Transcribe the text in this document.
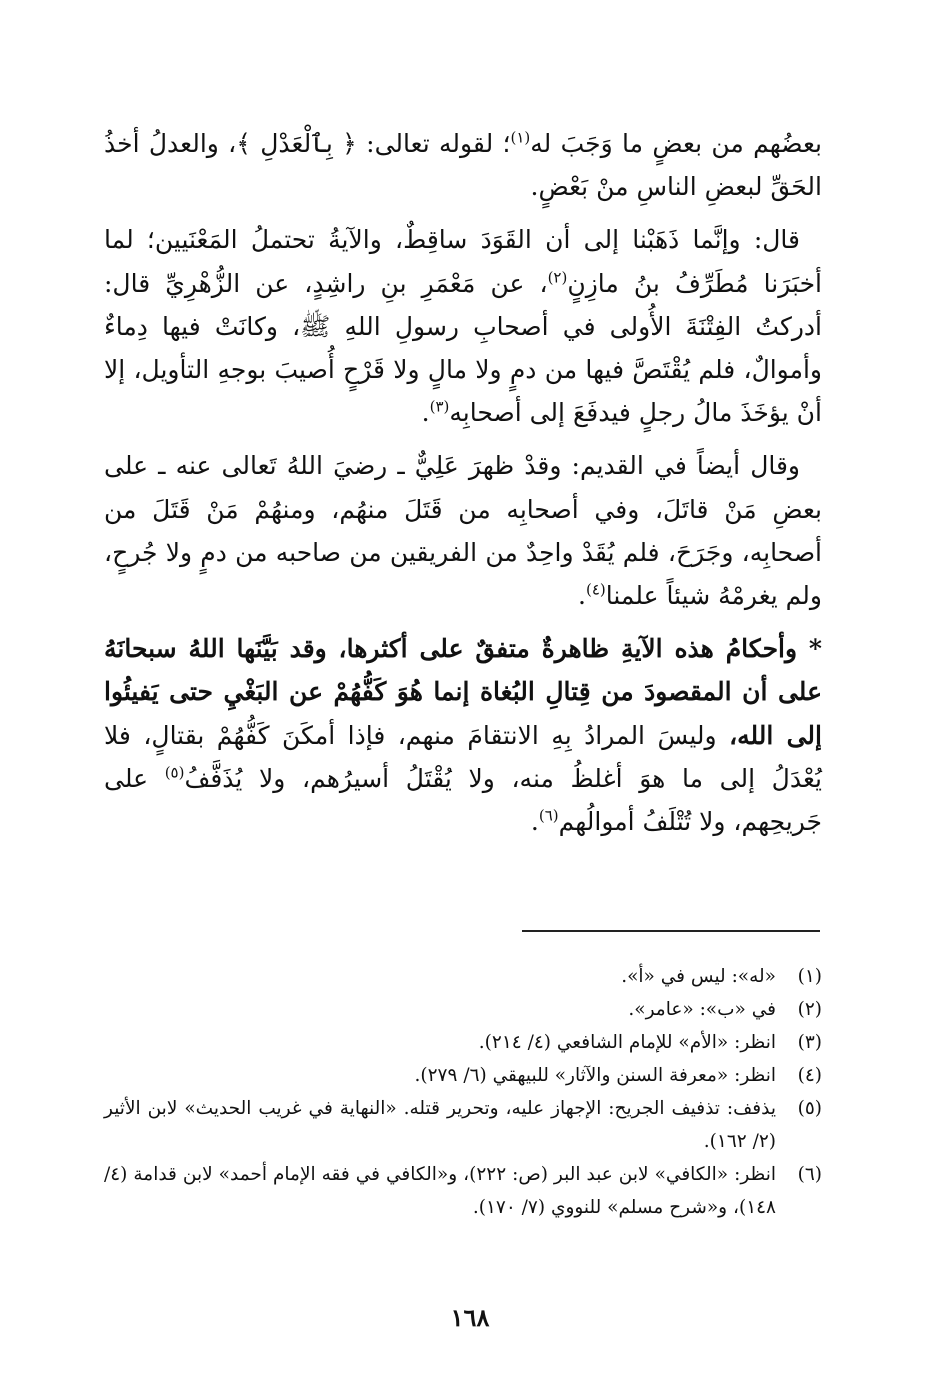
بعضُهم من بعضٍ ما وَجَبَ له$^{(١)}$؛ لقوله تعالى: ﴿ بِٱلْعَدْلِ ﴾، والعدلُ أخذُ الحَقِّ لبعضِ الناسِ منْ بَعْضٍ.

قال: وإنَّما ذَهَبْنا إلى أن القَوَدَ ساقِطٌ، والآيةُ تحتملُ المَعْنَيين؛ لما أخبَرَنا مُطَرِّفُ بنُ مازِنٍ$^{(٢)}$، عن مَعْمَرِ بنِ راشِدٍ، عن الزُّهْرِيِّ قال: أدركتُ الفِتْنَةَ الأُولى في أصحابِ رسولِ اللهِ ﷺ، وكانَتْ فيها دِماءٌ وأموالٌ، فلم يُقْتَصَّ فيها من دمٍ ولا مالٍ ولا قَرْحٍ أُصيبَ بوجهِ التأويل، إلا أنْ يؤخَذَ مالُ رجلٍ فيدفَعَ إلى أصحابِه$^{(٣)}$.

وقال أيضاً في القديم: وقدْ ظهرَ عَلِيٌّ ـ رضيَ اللهُ تَعالى عنه ـ على بعضِ مَنْ قاتَلَ، وفي أصحابِه من قَتَلَ منهُم، ومنهُمْ مَنْ قَتَلَ من أصحابِه، وجَرَحَ، فلم يُقَدْ واحِدٌ من الفريقين من صاحبه من دمٍ ولا جُرحٍ، ولم يغرمْهُ شيئاً علمنا$^{(٤)}$.

* وأحكامُ هذه الآيةِ ظاهرةٌ متفقٌ على أكثرها، وقد بَيَّنَها اللهُ سبحانَهُ على أن المقصودَ من قِتالِ البُغاة إنما هُوَ كَفُّهُمْ عن البَغْيِ حتى يَفيئُوا إلى الله، وليسَ المرادُ بِهِ الانتقامَ منهم، فإذا أمكَنَ كَفُّهُمْ بقتالٍ، فلا يُعْدَلُ إلى ما هوَ أغلظُ منه، ولا يُقْتَلُ أسيرُهم، ولا يُذَفَّفُ$^{(٥)}$ على جَريحِهم، ولا تُتْلَفُ أموالُهم$^{(٦)}$.

(١)
«له»: ليس في «أ».
(٢)
في «ب»: «عامر».
(٣)
انظر: «الأم» للإمام الشافعي (٤/ ٢١٤).
(٤)
انظر: «معرفة السنن والآثار» للبيهقي (٦/ ٢٧٩).
(٥)
يذفف: تذفيف الجريح: الإجهاز عليه، وتحرير قتله. «النهاية في غريب الحديث» لابن الأثير (٢/ ١٦٢).
(٦)
انظر: «الكافي» لابن عبد البر (ص: ٢٢٢)، و«الكافي في فقه الإمام أحمد» لابن قدامة (٤/ ١٤٨)، و«شرح مسلم» للنووي (٧/ ١٧٠).
١٦٨
